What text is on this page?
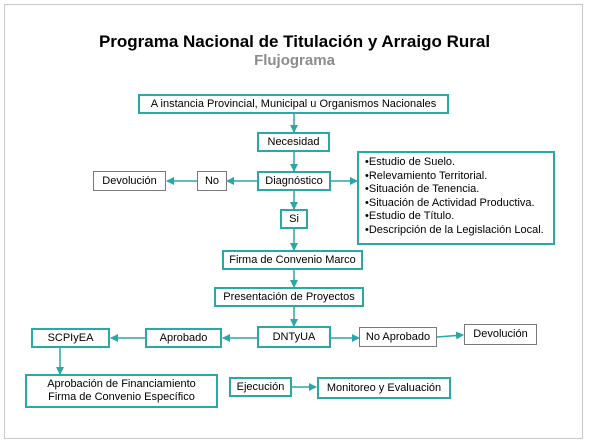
Programa Nacional de Titulación y Arraigo Rural
Flujograma
A instancia Provincial, Municipal u Organismos Nacionales
Necesidad
Diagnóstico
No
Devolución
Si
•Estudio de Suelo.
•Relevamiento Territorial.
•Situación de Tenencia.
•Situación de Actividad Productiva.
•Estudio de Título.
•Descripción de la Legislación Local.
Firma de Convenio Marco
Presentación de Proyectos
DNTyUA
Aprobado
SCPIyEA	No Aprobado	Devolución
Aprobación de Financiamiento
Firma de Convenio Específico
Ejecución	Monitoreo y Evaluación
